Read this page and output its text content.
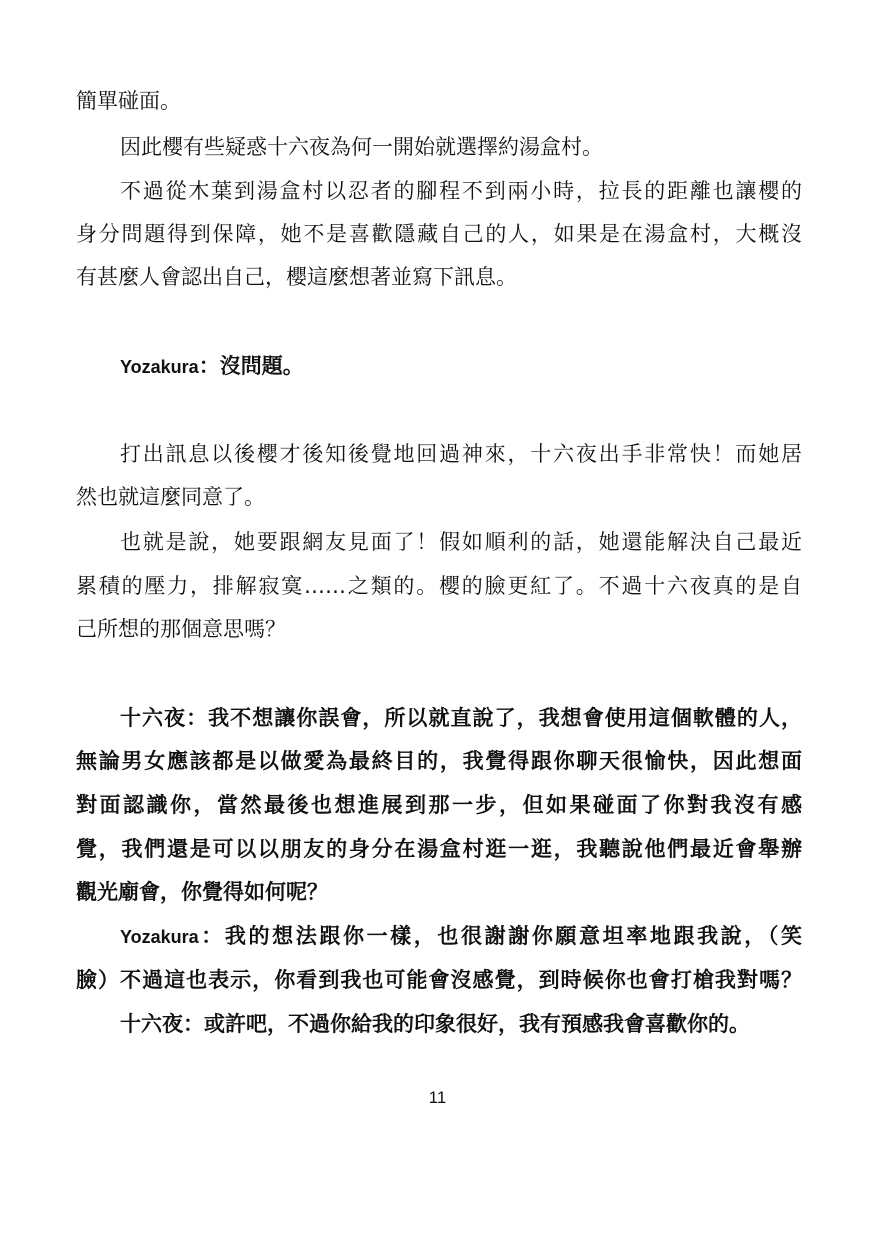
簡單碰面。
因此櫻有些疑惑十六夜為何一開始就選擇約湯盒村。
不過從木葉到湯盒村以忍者的腳程不到兩小時，拉長的距離也讓櫻的
身分問題得到保障，她不是喜歡隱藏自己的人，如果是在湯盒村，大概沒
有甚麼人會認出自己，櫻這麼想著並寫下訊息。
Yozakura：沒問題。
打出訊息以後櫻才後知後覺地回過神來，十六夜出手非常快！而她居
然也就這麼同意了。
也就是說，她要跟網友見面了！假如順利的話，她還能解決自己最近
累積的壓力，排解寂寞……之類的。櫻的臉更紅了。不過十六夜真的是自
己所想的那個意思嗎？
十六夜：我不想讓你誤會，所以就直說了，我想會使用這個軟體的人，
無論男女應該都是以做愛為最終目的，我覺得跟你聊天很愉快，因此想面
對面認識你，當然最後也想進展到那一步，但如果碰面了你對我沒有感
覺，我們還是可以以朋友的身分在湯盒村逛一逛，我聽說他們最近會舉辦
觀光廟會，你覺得如何呢？
Yozakura：我的想法跟你一樣，也很謝謝你願意坦率地跟我說，（笑
臉）不過這也表示，你看到我也可能會沒感覺，到時候你也會打槍我對嗎？
十六夜：或許吧，不過你給我的印象很好，我有預感我會喜歡你的。
11
